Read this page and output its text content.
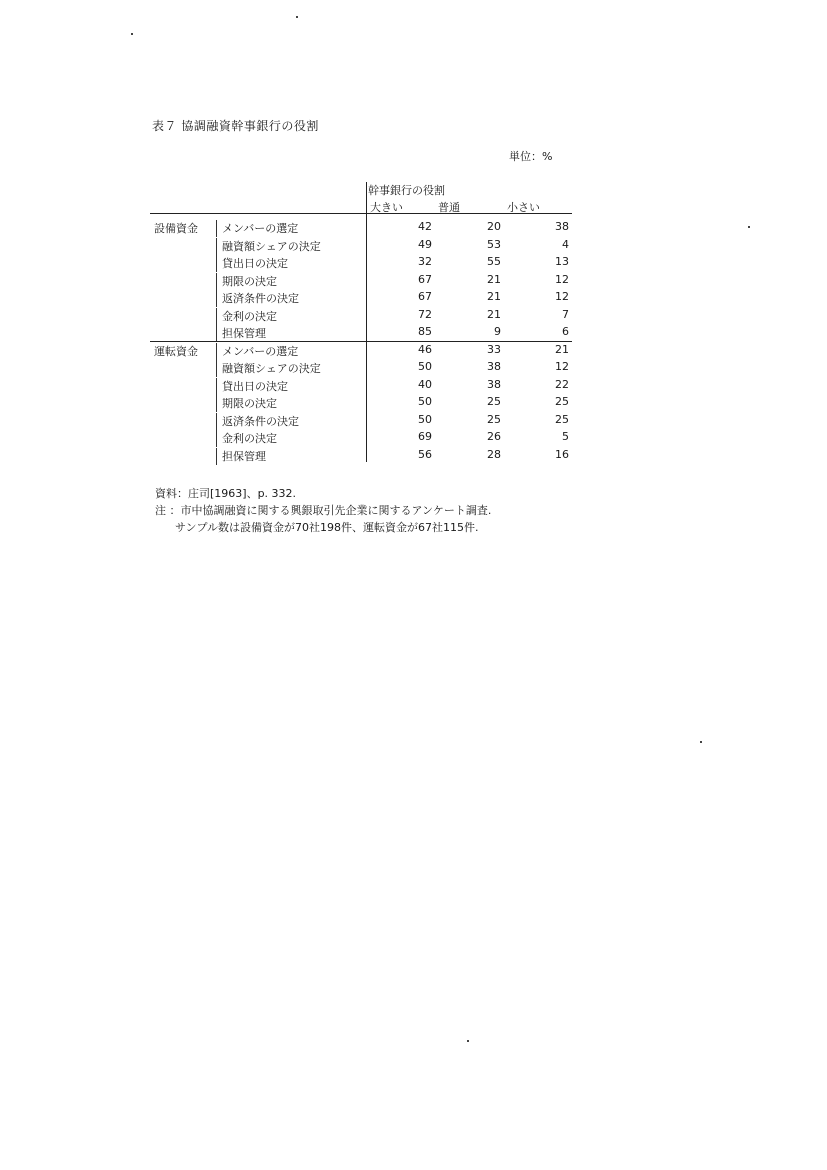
表７ 協調融資幹事銀行の役割
単位：%
幹事銀行の役割
大きい	普通	小さい
設備資金 メンバーの選定	42	20	38
融資額シェアの決定	49	53	4
貸出日の決定	32	55	13
期限の決定	67	21	12
返済条件の決定	67	21	12
金利の決定	72	21	7
担保管理	85	9	6
運転資金 メンバーの選定	46	33	21
融資額シェアの決定	50	38	12
貸出日の決定	40	38	22
期限の決定	50	25	25
返済条件の決定	50	25	25
金利の決定	69	26	5
担保管理	56	28	16
資料：庄司[1963]、p. 332.
注 ：市中協調融資に関する興銀取引先企業に関するアンケート調査.
サンプル数は設備資金が70社198件、運転資金が67社115件.
